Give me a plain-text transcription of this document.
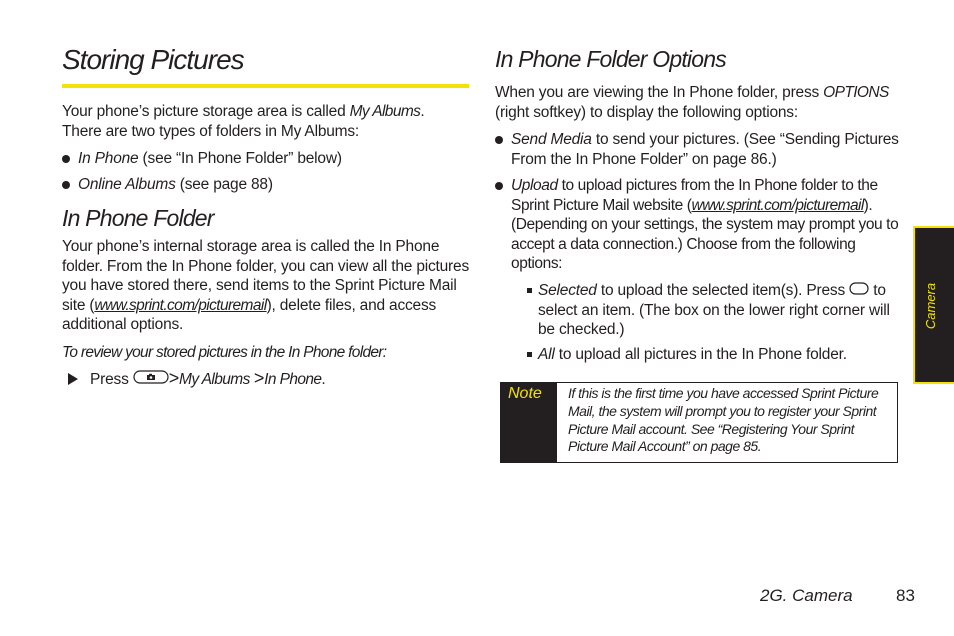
Storing Pictures
Your phone’s picture storage area is called My Albums. There are two types of folders in My Albums:
In Phone (see “In Phone Folder” below)
Online Albums (see page 88)
In Phone Folder
Your phone’s internal storage area is called the In Phone folder. From the In Phone folder, you can view all the pictures you have stored there, send items to the Sprint Picture Mail site (www.sprint.com/picturemail), delete files, and access additional options.
To review your stored pictures in the In Phone folder:
Press >My Albums >In Phone.
In Phone Folder Options
When you are viewing the In Phone folder, press OPTIONS (right softkey) to display the following options:
Send Media to send your pictures. (See “Sending Pictures From the In Phone Folder” on page 86.)
Upload to upload pictures from the In Phone folder to the Sprint Picture Mail website (www.sprint.com/picturemail). (Depending on your settings, the system may prompt you to accept a data connection.) Choose from the following options:
Selected to upload the selected item(s). Press  to select an item. (The box on the lower right corner will be checked.)
All to upload all pictures in the In Phone folder.
Note If this is the first time you have accessed Sprint Picture Mail, the system will prompt you to register your Sprint Picture Mail account. See “Registering Your Sprint Picture Mail Account” on page 85.
Camera
2G. Camera	83
